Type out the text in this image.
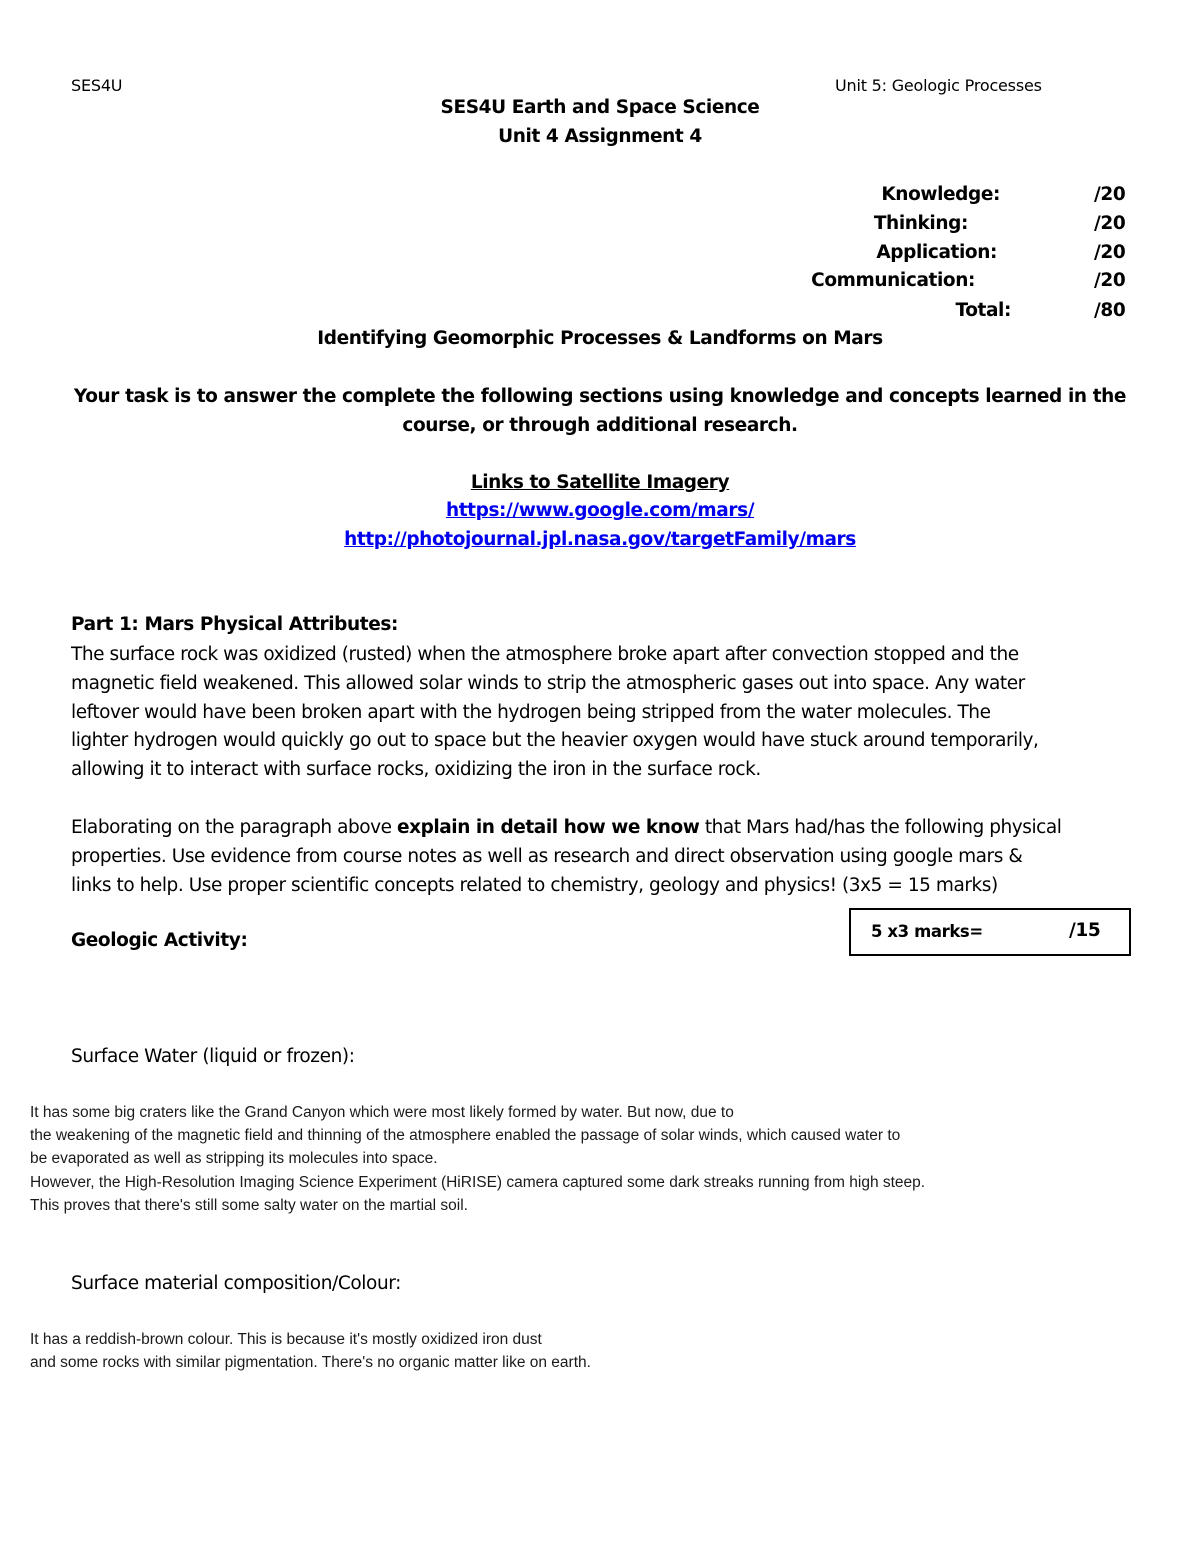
SES4U	Unit 5: Geologic Processes
SES4U Earth and Space Science
Unit 4 Assignment 4
Knowledge:	/20
Thinking:	/20
Application:	/20
Communication:	/20
Total:	/80
Identifying Geomorphic Processes & Landforms on Mars
Your task is to answer the complete the following sections using knowledge and concepts learned in the
course, or through additional research.
Links to Satellite Imagery
https://www.google.com/mars/
http://photojournal.jpl.nasa.gov/targetFamily/mars
Part 1: Mars Physical Attributes:
The surface rock was oxidized (rusted) when the atmosphere broke apart after convection stopped and the
magnetic field weakened. This allowed solar winds to strip the atmospheric gases out into space. Any water
leftover would have been broken apart with the hydrogen being stripped from the water molecules. The
lighter hydrogen would quickly go out to space but the heavier oxygen would have stuck around temporarily,
allowing it to interact with surface rocks, oxidizing the iron in the surface rock.
Elaborating on the paragraph above explain in detail how we know that Mars had/has the following physical
properties. Use evidence from course notes as well as research and direct observation using google mars &
links to help. Use proper scientific concepts related to chemistry, geology and physics! (3x5 = 15 marks)
5 x3 marks=	/15
Geologic Activity:
Surface Water (liquid or frozen):
It has some big craters like the Grand Canyon which were most likely formed by water. But now, due to
the weakening of the magnetic field and thinning of the atmosphere enabled the passage of solar winds, which caused water to
be evaporated as well as stripping its molecules into space.
However, the High-Resolution Imaging Science Experiment (HiRISE) camera captured some dark streaks running from high steep.
This proves that there's still some salty water on the martial soil.
Surface material composition/Colour:
It has a reddish-brown colour. This is because it's mostly oxidized iron dust
and some rocks with similar pigmentation. There's no organic matter like on earth.
